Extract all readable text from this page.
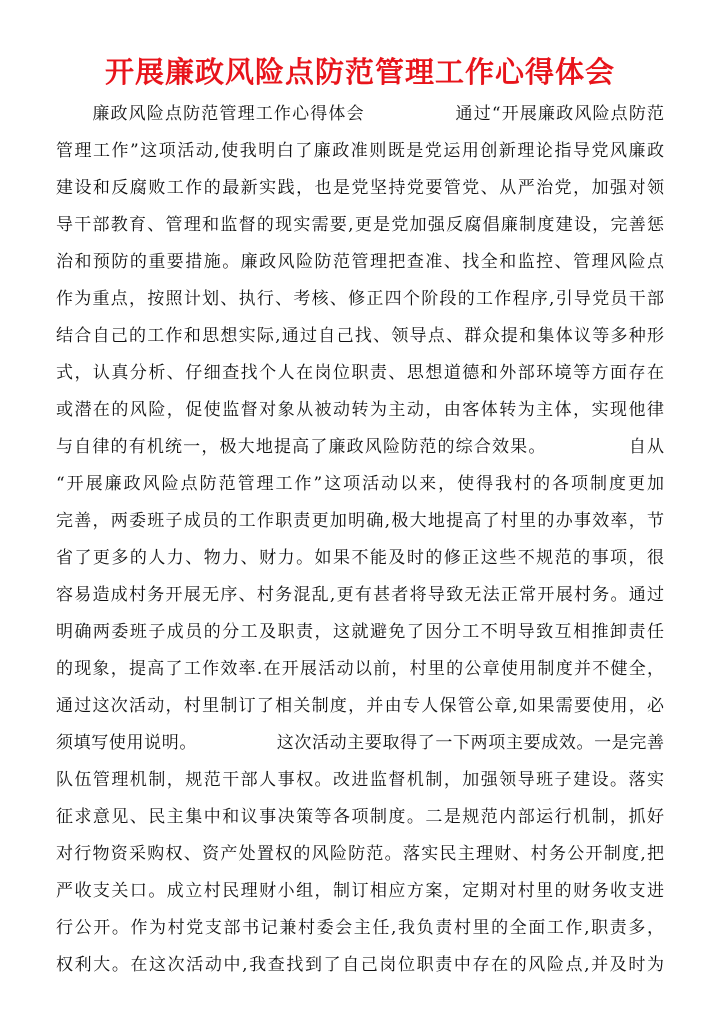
开展廉政风险点防范管理工作心得体会
　　廉政风险点防范管理工作心得体会　　　　　通过“开展廉政风险点防范
管理工作”这项活动,使我明白了廉政准则既是党运用创新理论指导党风廉政
建设和反腐败工作的最新实践，也是党坚持党要管党、从严治党，加强对领
导干部教育、管理和监督的现实需要,更是党加强反腐倡廉制度建设，完善惩
治和预防的重要措施。廉政风险防范管理把查准、找全和监控、管理风险点
作为重点，按照计划、执行、考核、修正四个阶段的工作程序,引导党员干部
结合自己的工作和思想实际,通过自己找、领导点、群众提和集体议等多种形
式，认真分析、仔细查找个人在岗位职责、思想道德和外部环境等方面存在
或潜在的风险，促使监督对象从被动转为主动，由客体转为主体，实现他律
与自律的有机统一，极大地提高了廉政风险防范的综合效果。　　　　　自从
“开展廉政风险点防范管理工作”这项活动以来，使得我村的各项制度更加
完善，两委班子成员的工作职责更加明确,极大地提高了村里的办事效率，节
省了更多的人力、物力、财力。如果不能及时的修正这些不规范的事项，很
容易造成村务开展无序、村务混乱,更有甚者将导致无法正常开展村务。通过
明确两委班子成员的分工及职责，这就避免了因分工不明导致互相推卸责任
的现象，提高了工作效率.在开展活动以前，村里的公章使用制度并不健全，
通过这次活动，村里制订了相关制度，并由专人保管公章,如果需要使用，必
须填写使用说明。　　　　　这次活动主要取得了一下两项主要成效。一是完善
队伍管理机制，规范干部人事权。改进监督机制，加强领导班子建设。落实
征求意见、民主集中和议事决策等各项制度。二是规范内部运行机制，抓好
对行物资采购权、资产处置权的风险防范。落实民主理财、村务公开制度,把
严收支关口。成立村民理财小组，制订相应方案，定期对村里的财务收支进
行公开。作为村党支部书记兼村委会主任,我负责村里的全面工作,职责多，
权利大。在这次活动中,我查找到了自己岗位职责中存在的风险点,并及时为
